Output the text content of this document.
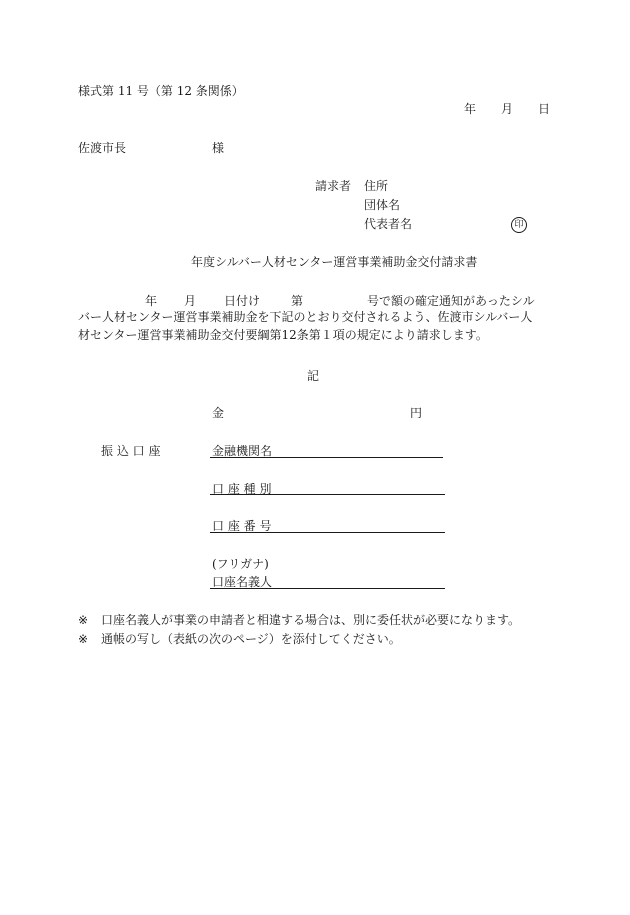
様式第 11 号（第 12 条関係）
年 月 日
佐渡市長	様
請求者 住所
団体名
代表者名	印
年度シルバー人材センター運営事業補助金交付請求書
年 月 日付け	第	号で額の確定通知があったシル
バー人材センター運営事業補助金を下記のとおり交付されるよう、佐渡市シルバー人
材センター運営事業補助金交付要綱第12条第１項の規定により請求します。
記
金	円
振 込 口 座	金融機関名
口 座 種 別
口 座 番 号
(フリガナ)
口座名義人
※ 口座名義人が事業の申請者と相違する場合は、別に委任状が必要になります。
※ 通帳の写し（表紙の次のページ）を添付してください。
